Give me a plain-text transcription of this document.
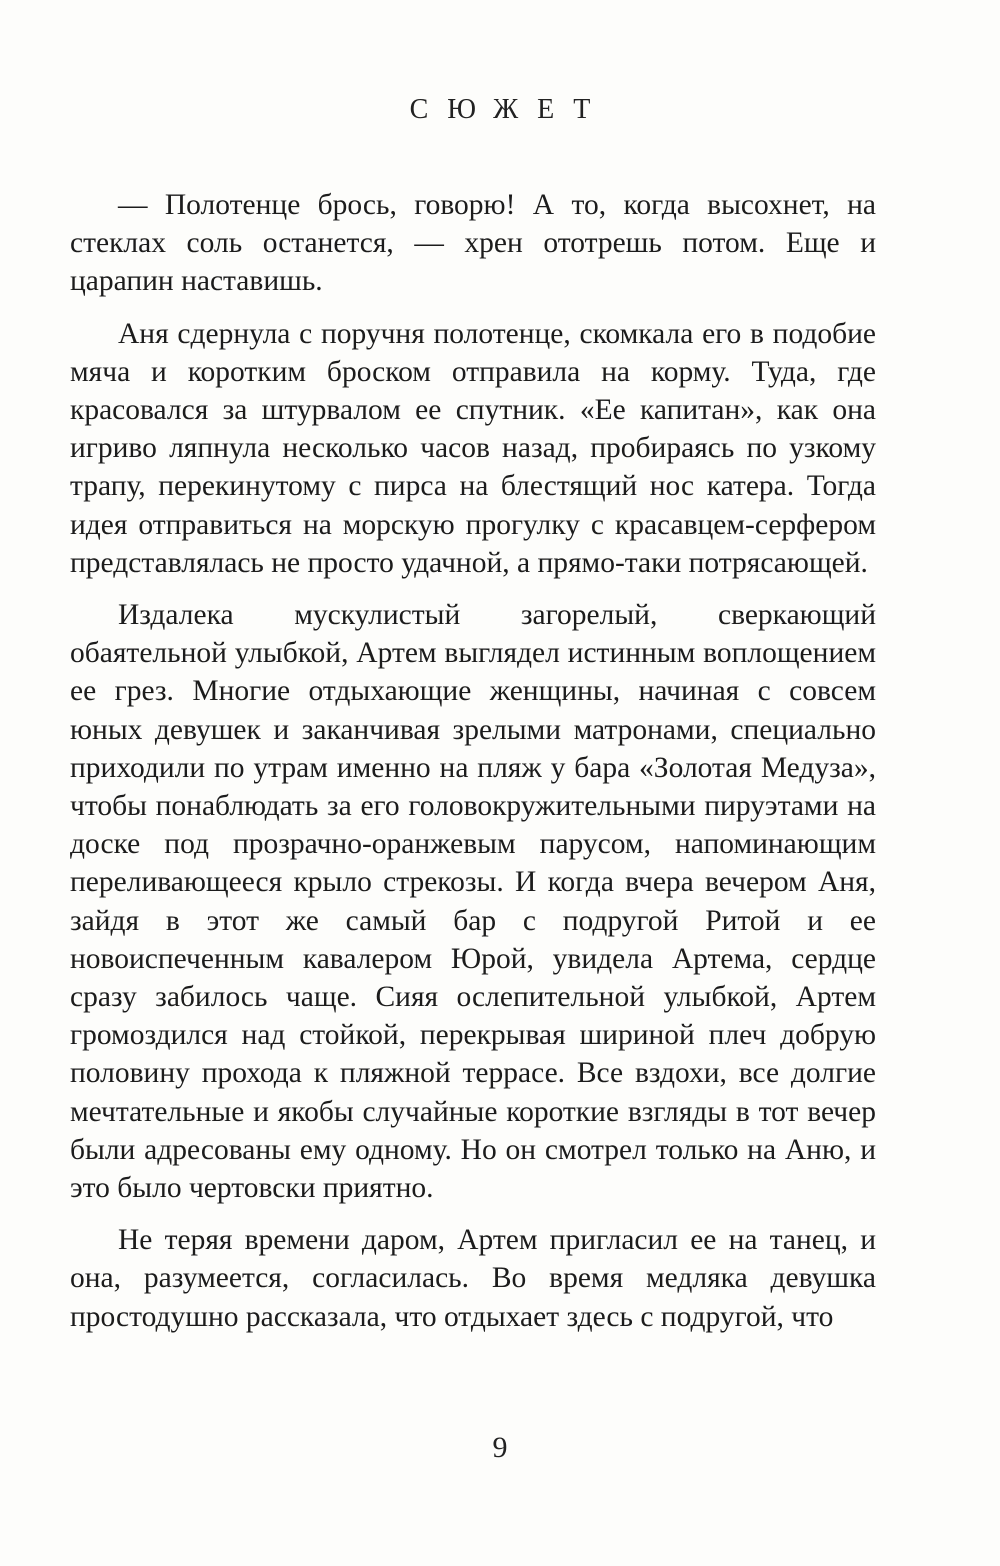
СЮЖЕТ

— Полотенце брось, говорю! А то, когда высохнет, на стеклах соль останется, — хрен ототрешь потом. Еще и царапин наставишь.

Аня сдернула с поручня полотенце, скомкала его в подобие мяча и коротким броском отправила на корму. Туда, где красовался за штурвалом ее спутник. «Ее капитан», как она игриво ляпнула несколько часов назад, пробираясь по узкому трапу, перекинутому с пирса на блестящий нос катера. Тогда идея отправиться на морскую прогулку с красавцем-серфером представлялась не просто удачной, а прямо-таки потрясающей.

Издалека мускулистый загорелый, сверкающий обаятельной улыбкой, Артем выглядел истинным воплощением ее грез. Многие отдыхающие женщины, начиная с совсем юных девушек и заканчивая зрелыми матронами, специально приходили по утрам именно на пляж у бара «Золотая Медуза», чтобы понаблюдать за его головокружительными пируэтами на доске под прозрачно-оранжевым парусом, напоминающим переливающееся крыло стрекозы. И когда вчера вечером Аня, зайдя в этот же самый бар с подругой Ритой и ее новоиспеченным кавалером Юрой, увидела Артема, сердце сразу забилось чаще. Сияя ослепительной улыбкой, Артем громоздился над стойкой, перекрывая шириной плеч добрую половину прохода к пляжной террасе. Все вздохи, все долгие мечтательные и якобы случайные короткие взгляды в тот вечер были адресованы ему одному. Но он смотрел только на Аню, и это было чертовски приятно.

Не теряя времени даром, Артем пригласил ее на танец, и она, разумеется, согласилась. Во время медляка девушка простодушно рассказала, что отдыхает здесь с подругой, что

9
